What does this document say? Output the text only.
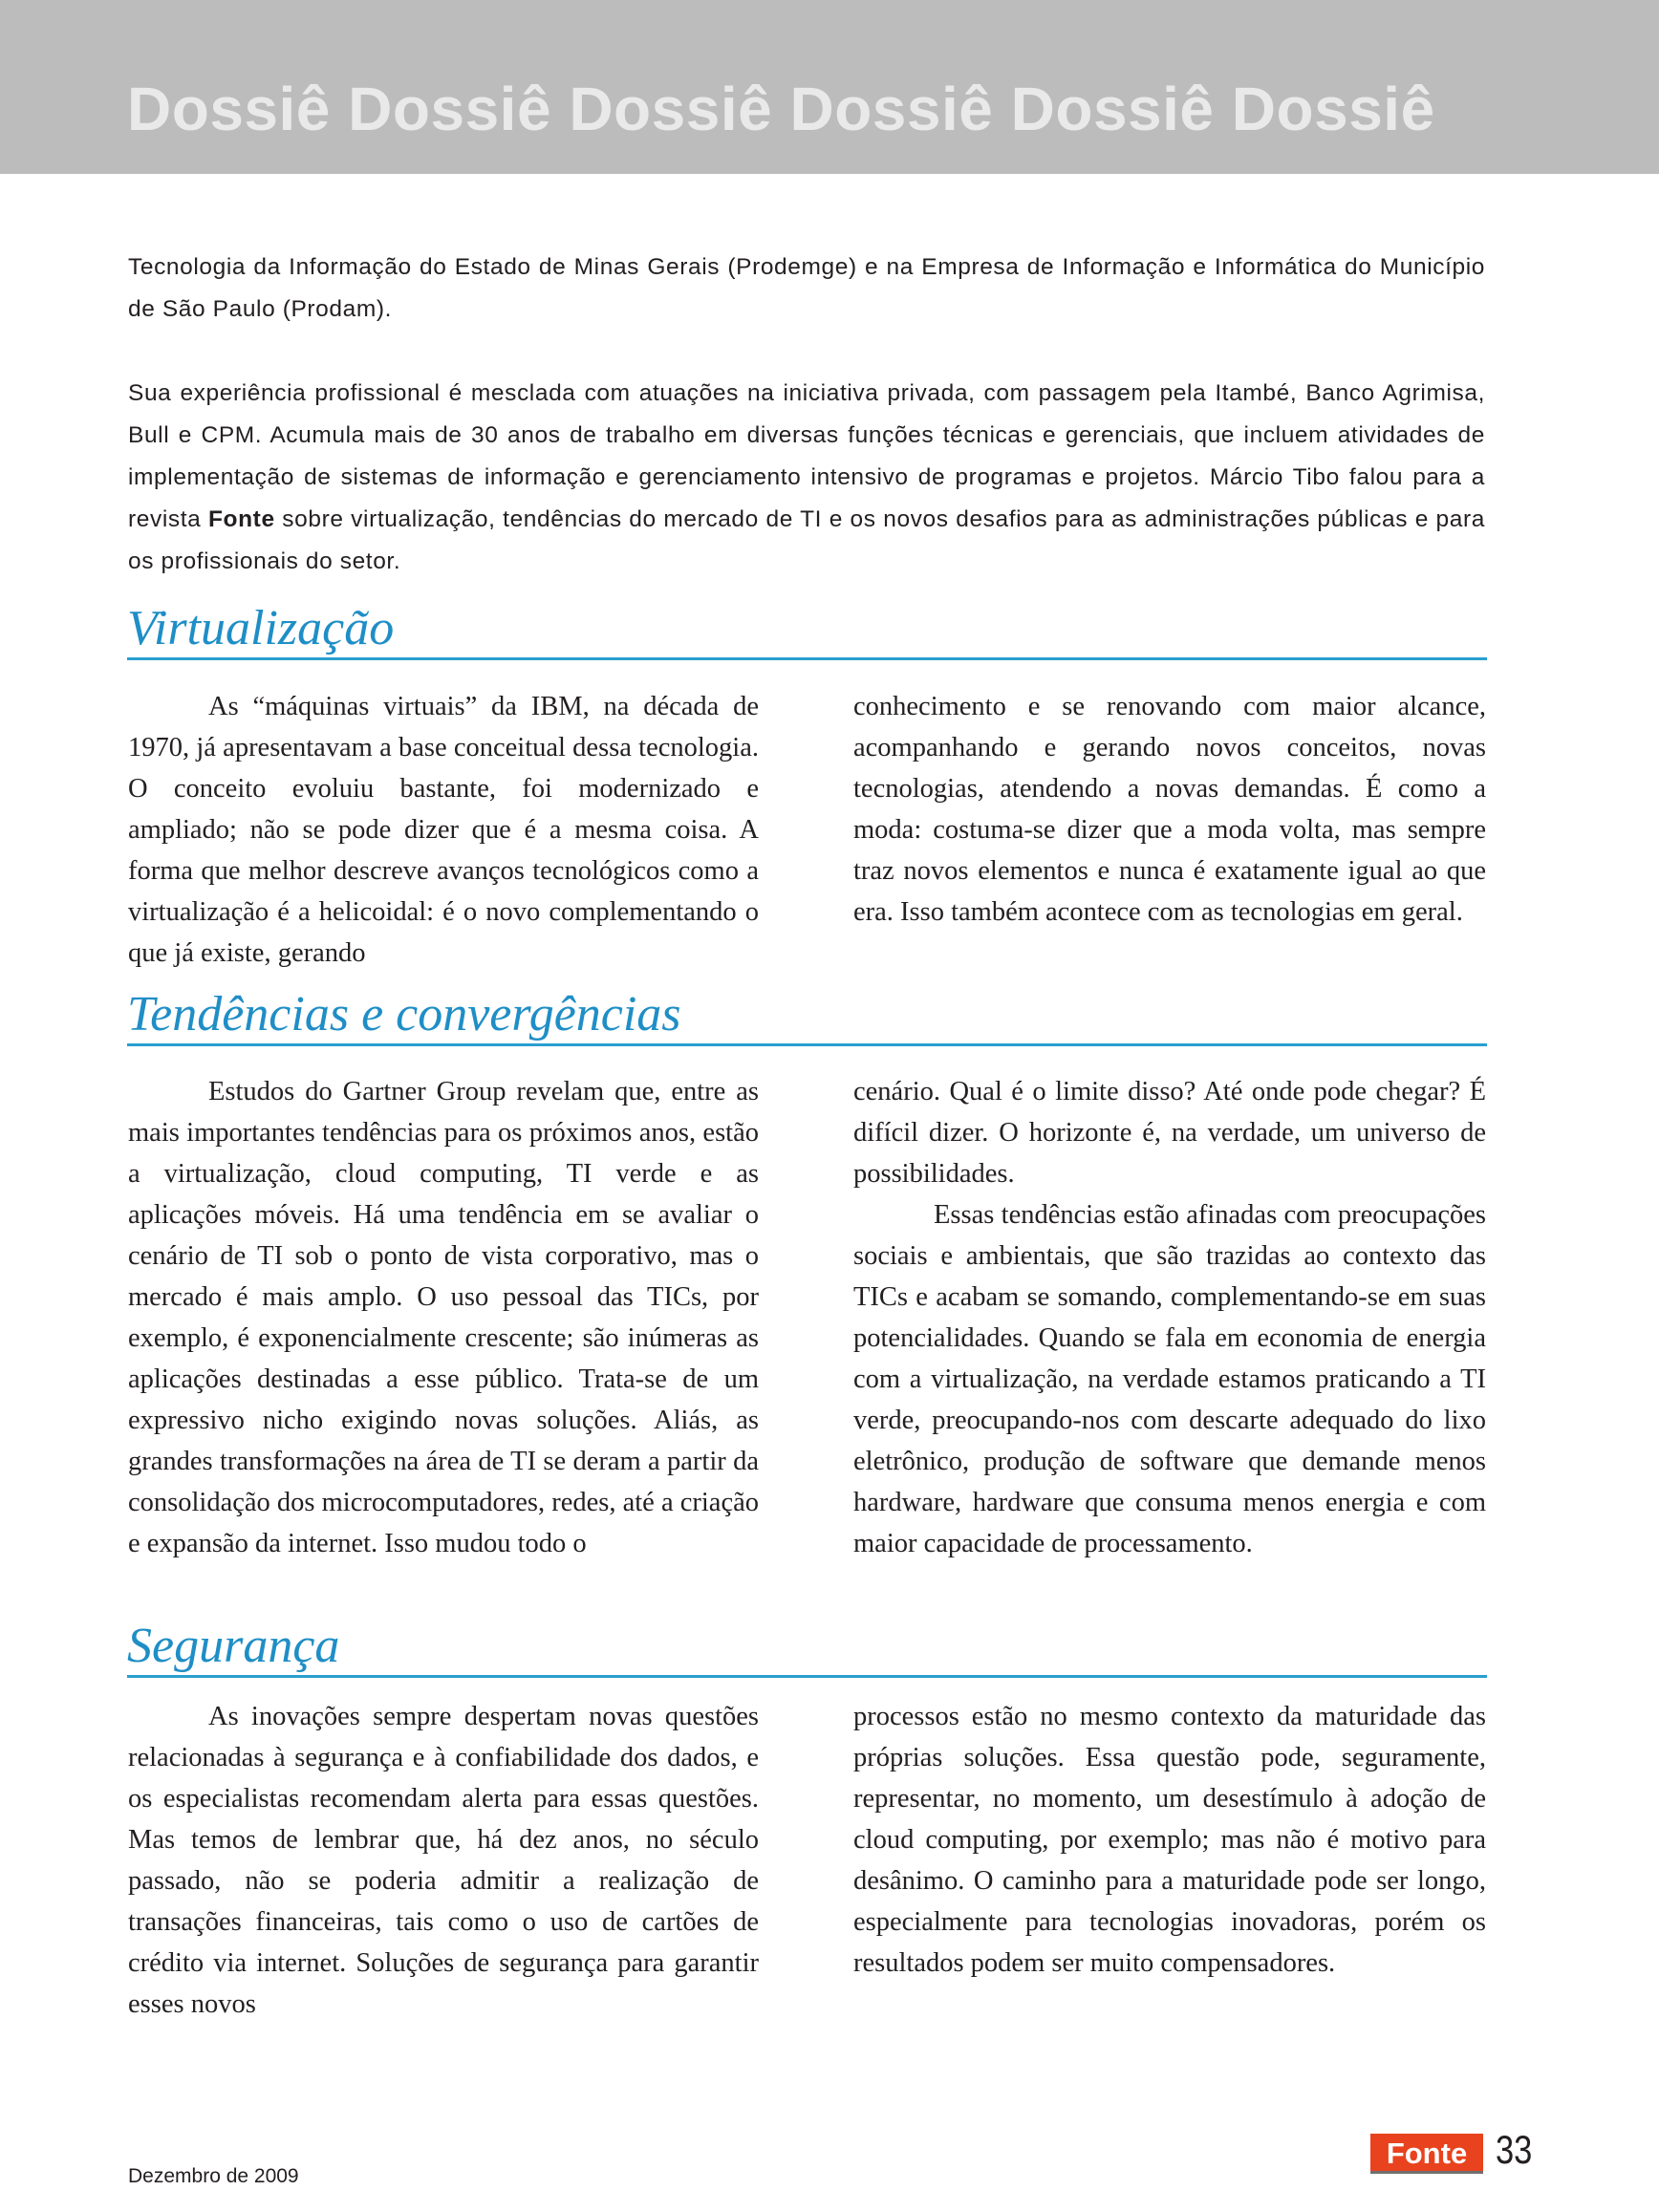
Dossiê Dossiê Dossiê Dossiê Dossiê Dossiê

Tecnologia da Informação do Estado de Minas Gerais (Prodemge) e na Empresa de Informação e Informática do Município de São Paulo (Prodam).

Sua experiência profissional é mesclada com atuações na iniciativa privada, com passagem pela Itambé, Banco Agrimisa, Bull e CPM. Acumula mais de 30 anos de trabalho em diversas funções técnicas e gerenciais, que incluem atividades de implementação de sistemas de informação e gerenciamento intensivo de programas e projetos. Márcio Tibo falou para a revista Fonte sobre virtualização, tendências do mercado de TI e os novos desafios para as administrações públicas e para os profissionais do setor.

Virtualização

As “máquinas virtuais” da IBM, na década de 1970, já apresentavam a base conceitual dessa tecnologia. O conceito evoluiu bastante, foi modernizado e ampliado; não se pode dizer que é a mesma coisa. A forma que melhor descreve avanços tecnológicos como a virtualização é a helicoidal: é o novo complementando o que já existe, gerando

conhecimento e se renovando com maior alcance, acompanhando e gerando novos conceitos, novas tecnologias, atendendo a novas demandas. É como a moda: costuma-se dizer que a moda volta, mas sempre traz novos elementos e nunca é exatamente igual ao que era. Isso também acontece com as tecnologias em geral.

Tendências e convergências

Estudos do Gartner Group revelam que, entre as mais importantes tendências para os próximos anos, estão a virtualização, cloud computing, TI verde e as aplicações móveis. Há uma tendência em se avaliar o cenário de TI sob o ponto de vista corporativo, mas o mercado é mais amplo. O uso pessoal das TICs, por exemplo, é exponencialmente crescente; são inúmeras as aplicações destinadas a esse público. Trata-se de um expressivo nicho exigindo novas soluções. Aliás, as grandes transformações na área de TI se deram a partir da consolidação dos microcomputadores, redes, até a criação e expansão da internet. Isso mudou todo o

cenário. Qual é o limite disso? Até onde pode chegar? É difícil dizer. O horizonte é, na verdade, um universo de possibilidades.

Essas tendências estão afinadas com preocupações sociais e ambientais, que são trazidas ao contexto das TICs e acabam se somando, complementando-se em suas potencialidades. Quando se fala em economia de energia com a virtualização, na verdade estamos praticando a TI verde, preocupando-nos com descarte adequado do lixo eletrônico, produção de software que demande menos hardware, hardware que consuma menos energia e com maior capacidade de processamento.

Segurança

As inovações sempre despertam novas questões relacionadas à segurança e à confiabilidade dos dados, e os especialistas recomendam alerta para essas questões. Mas temos de lembrar que, há dez anos, no século passado, não se poderia admitir a realização de transações financeiras, tais como o uso de cartões de crédito via internet. Soluções de segurança para garantir esses novos

processos estão no mesmo contexto da maturidade das próprias soluções. Essa questão pode, seguramente, representar, no momento, um desestímulo à adoção de cloud computing, por exemplo; mas não é motivo para desânimo. O caminho para a maturidade pode ser longo, especialmente para tecnologias inovadoras, porém os resultados podem ser muito compensadores.

Dezembro de 2009
Fonte 33
